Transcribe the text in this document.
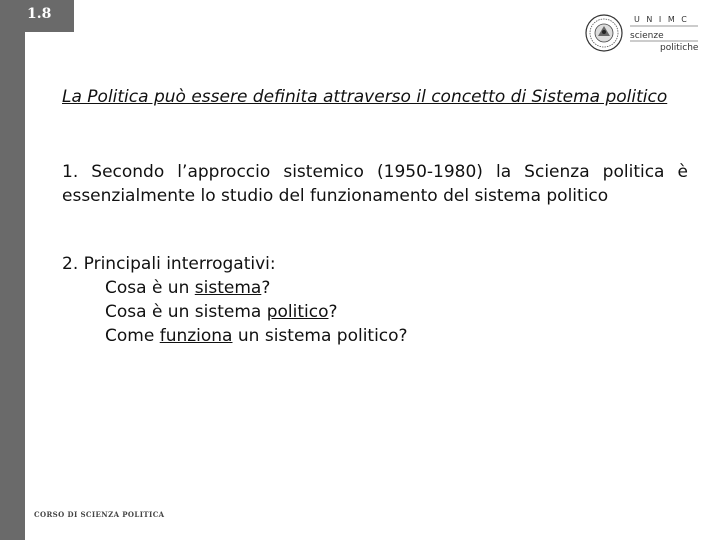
1.8	U N I M C
scienze
politiche
La Politica può essere definita attraverso il concetto di Sistema politico
1. Secondo l’approccio sistemico (1950-1980) la Scienza politica è essenzialmente lo studio del funzionamento del sistema politico
2. Principali interrogativi:
Cosa è un sistema?
Cosa è un sistema politico?
Come funziona un sistema politico?
CORSO DI SCIENZA POLITICA
